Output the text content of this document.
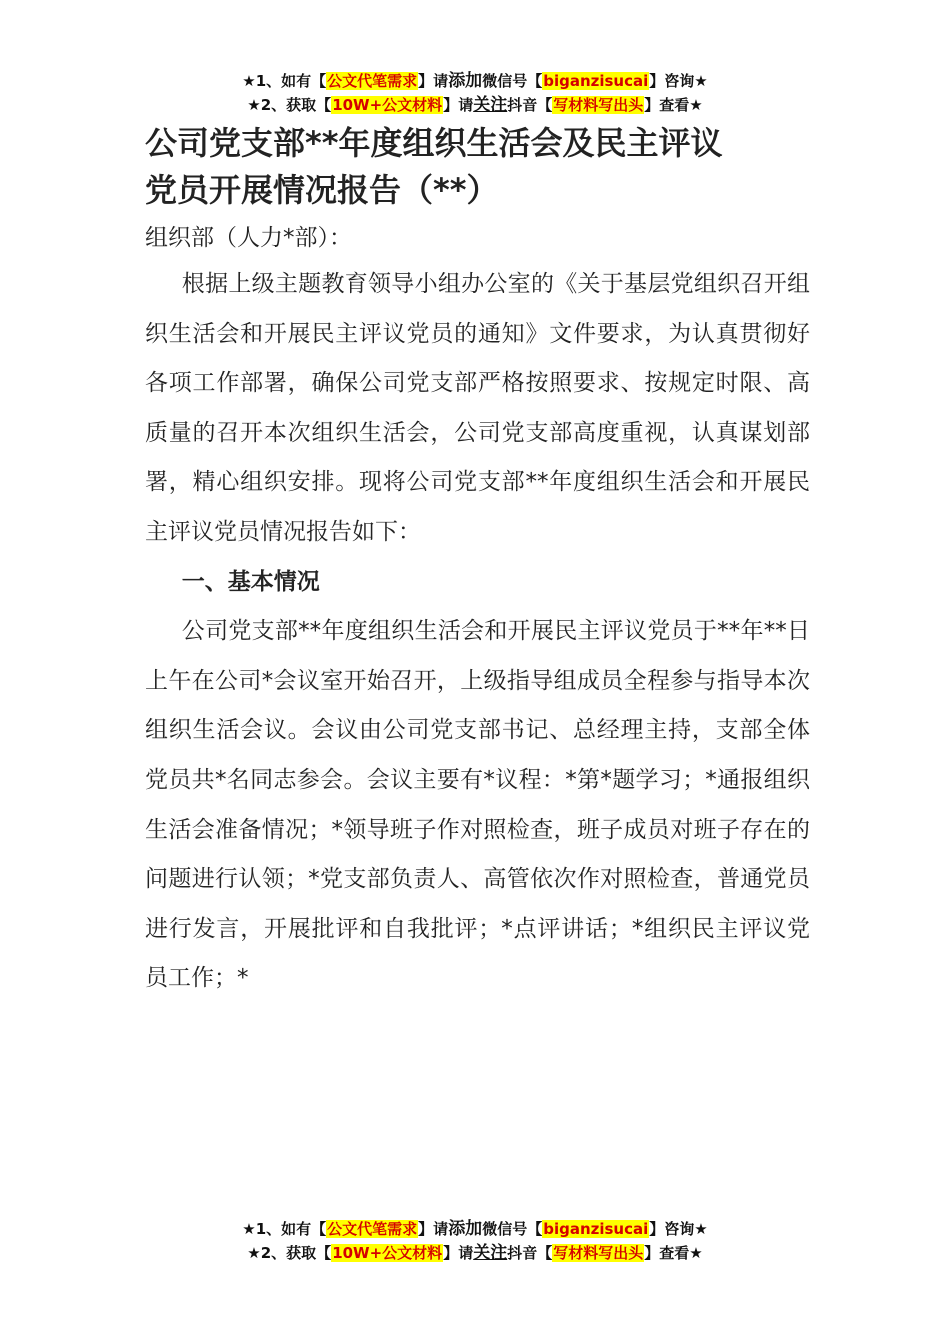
★1、如有【公文代笔需求】请添加微信号【biganzisucai】咨询★
★2、获取【10W+公文材料】请关注抖音【写材料写出头】查看★
公司党支部**年度组织生活会及民主评议
党员开展情况报告（**）
组织部（人力*部）：

根据上级主题教育领导小组办公室的《关于基层党组织召开组织生活会和开展民主评议党员的通知》文件要求，为认真贯彻好各项工作部署，确保公司党支部严格按照要求、按规定时限、高质量的召开本次组织生活会，公司党支部高度重视，认真谋划部署，精心组织安排。现将公司党支部**年度组织生活会和开展民主评议党员情况报告如下：

一、基本情况

公司党支部**年度组织生活会和开展民主评议党员于**年**日上午在公司*会议室开始召开，上级指导组成员全程参与指导本次组织生活会议。会议由公司党支部书记、总经理主持，支部全体党员共*名同志参会。会议主要有*议程：*第*题学习；*通报组织生活会准备情况；*领导班子作对照检查，班子成员对班子存在的问题进行认领；*党支部负责人、高管依次作对照检查，普通党员进行发言，开展批评和自我批评；*点评讲话；*组织民主评议党员工作；*

★1、如有【公文代笔需求】请添加微信号【biganzisucai】咨询★
★2、获取【10W+公文材料】请关注抖音【写材料写出头】查看★
